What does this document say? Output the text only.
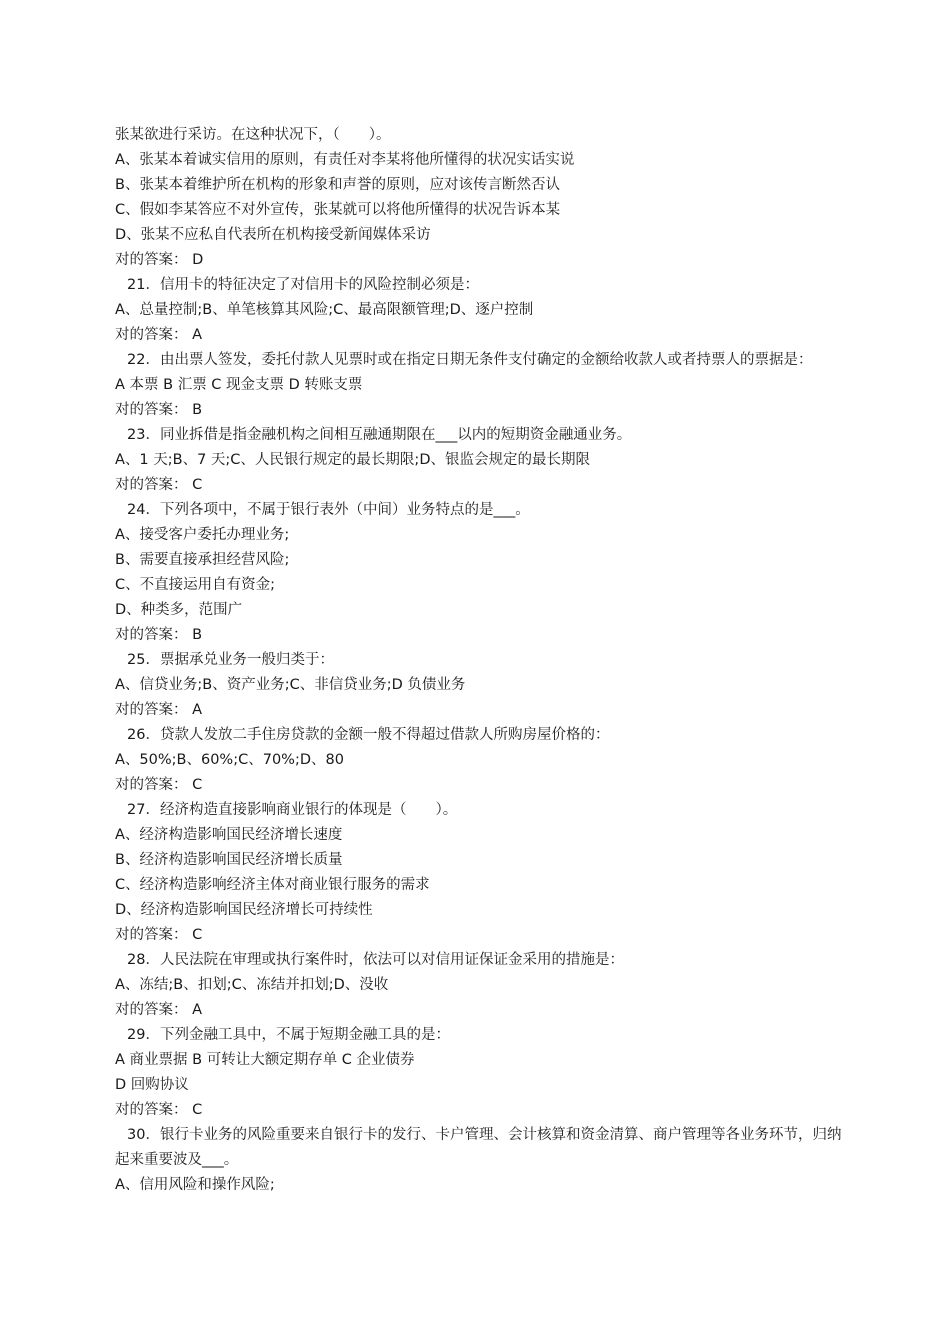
张某欲进行采访。在这种状况下，（　　）。

A、张某本着诚实信用的原则，有责任对李某将他所懂得的状况实话实说

B、张某本着维护所在机构的形象和声誉的原则，应对该传言断然否认

C、假如李某答应不对外宣传，张某就可以将他所懂得的状况告诉本某

D、张某不应私自代表所在机构接受新闻媒体采访

对的答案： D

21．信用卡的特征决定了对信用卡的风险控制必须是：

A、总量控制;B、单笔核算其风险;C、最高限额管理;D、逐户控制

对的答案： A

22．由出票人签发，委托付款人见票时或在指定日期无条件支付确定的金额给收款人或者持票人的票据是：

A 本票 B 汇票 C 现金支票 D 转账支票

对的答案： B

23．同业拆借是指金融机构之间相互融通期限在___以内的短期资金融通业务。

A、1 天;B、7 天;C、人民银行规定的最长期限;D、银监会规定的最长期限

对的答案： C

24．下列各项中，不属于银行表外（中间）业务特点的是___。

A、接受客户委托办理业务;

B、需要直接承担经营风险;

C、不直接运用自有资金;

D、种类多，范围广

对的答案： B

25．票据承兑业务一般归类于：

A、信贷业务;B、资产业务;C、非信贷业务;D 负债业务

对的答案： A

26．贷款人发放二手住房贷款的金额一般不得超过借款人所购房屋价格的：

A、50%;B、60%;C、70%;D、80

对的答案： C

27．经济构造直接影响商业银行的体现是（　　）。

A、经济构造影响国民经济增长速度

B、经济构造影响国民经济增长质量

C、经济构造影响经济主体对商业银行服务的需求

D、经济构造影响国民经济增长可持续性

对的答案： C

28．人民法院在审理或执行案件时，依法可以对信用证保证金采用的措施是：

A、冻结;B、扣划;C、冻结并扣划;D、没收

对的答案： A

29．下列金融工具中，不属于短期金融工具的是：

A 商业票据 B 可转让大额定期存单 C 企业债券

D 回购协议

对的答案： C

30．银行卡业务的风险重要来自银行卡的发行、卡户管理、会计核算和资金清算、商户管理等各业务环节，归纳起来重要波及___。

A、信用风险和操作风险;
